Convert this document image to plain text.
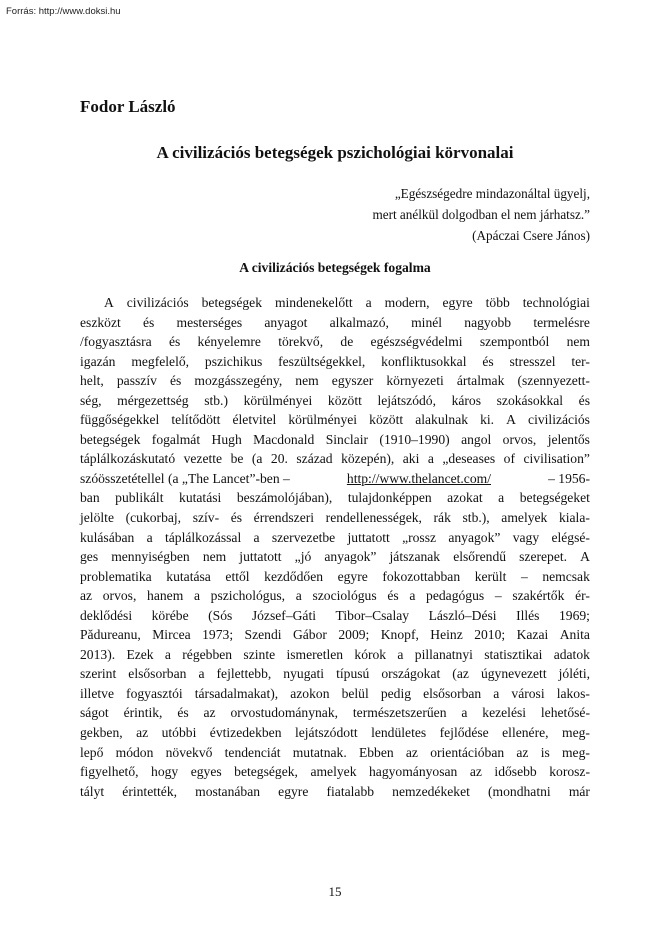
Forrás: http://www.doksi.hu
Fodor László
A civilizációs betegségek pszichológiai körvonalai
„Egészségedre mindazonáltal ügyelj,
mert anélkül dolgodban el nem járhatsz.”
(Apáczai Csere János)
A civilizációs betegségek fogalma
A civilizációs betegségek mindenekelőtt a modern, egyre több technológiai
eszközt és mesterséges anyagot alkalmazó, minél nagyobb termelésre
/fogyasztásra és kényelemre törekvő, de egészségvédelmi szempontból nem
igazán megfelelő, pszichikus feszültségekkel, konfliktusokkal és stresszel ter-
helt, passzív és mozgásszegény, nem egyszer környezeti ártalmak (szennyezett-
ség, mérgezettség stb.) körülményei között lejátszódó, káros szokásokkal és
függőségekkel telítődött életvitel körülményei között alakulnak ki. A civilizációs
betegségek fogalmát Hugh Macdonald Sinclair (1910–1990) angol orvos, jelentős
táplálkozáskutató vezette be (a 20. század közepén), aki a „deseases of civilisation”
szóösszetétellel (a „The Lancet”-ben –	http://www.thelancet.com/	– 1956-
ban publikált kutatási beszámolójában), tulajdonképpen azokat a betegségeket
jelölte (cukorbaj, szív- és érrendszeri rendellenességek, rák stb.), amelyek kiala-
kulásában a táplálkozással a szervezetbe juttatott „rossz anyagok” vagy elégsé-
ges mennyiségben nem juttatott „jó anyagok” játszanak elsőrendű szerepet. A
problematika kutatása ettől kezdődően egyre fokozottabban került – nemcsak
az orvos, hanem a pszichológus, a szociológus és a pedagógus – szakértők ér-
deklődési körébe (Sós József–Gáti Tibor–Csalay László–Dési Illés 1969;
Pădureanu, Mircea 1973; Szendi Gábor 2009; Knopf, Heinz 2010; Kazai Anita
2013). Ezek a régebben szinte ismeretlen kórok a pillanatnyi statisztikai adatok
szerint elsősorban a fejlettebb, nyugati típusú országokat (az úgynevezett jóléti,
illetve fogyasztói társadalmakat), azokon belül pedig elsősorban a városi lakos-
ságot érintik, és az orvostudománynak, természetszerűen a kezelési lehetősé-
gekben, az utóbbi évtizedekben lejátszódott lendületes fejlődése ellenére, meg-
lepő módon növekvő tendenciát mutatnak. Ebben az orientációban az is meg-
figyelhető, hogy egyes betegségek, amelyek hagyományosan az idősebb korosz-
tályt érintették, mostanában egyre fiatalabb nemzedékeket (mondhatni már
15
